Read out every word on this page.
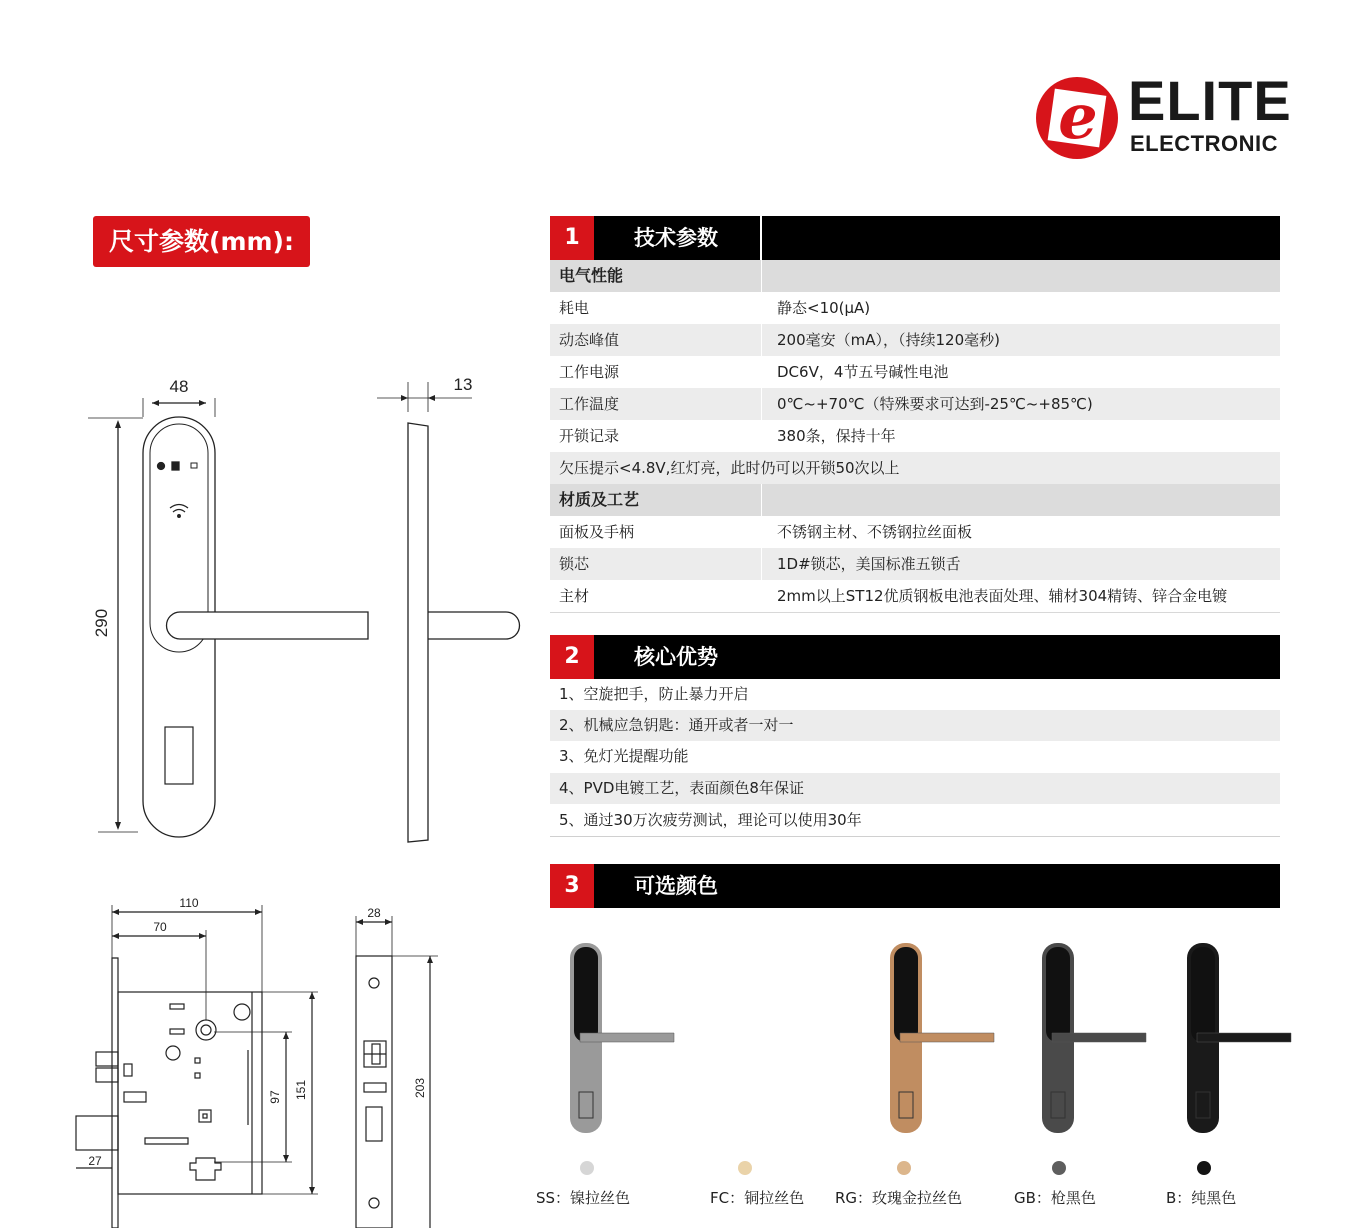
e ELITE
ELECTRONIC
尺寸参数(mm):
48
290
13
110
70
97 151
27
28
203
1	技术参数
电气性能
耗电	静态<10(μA)
动态峰值	200毫安（mA），（持续120毫秒)
工作电源	DC6V，4节五号碱性电池
工作温度	0℃~+70℃（特殊要求可达到-25℃~+85℃)
开锁记录	380条，保持十年
欠压提示<4.8V,红灯亮，此时仍可以开锁50次以上
材质及工艺
面板及手柄	不锈钢主材、不锈钢拉丝面板
锁芯	1D#锁芯，美国标准五锁舌
主材	2mm以上ST12优质钢板电池表面处理、辅材304精铸、锌合金电镀
2	核心优势
1、空旋把手，防止暴力开启
2、机械应急钥匙：通开或者一对一
3、免灯光提醒功能
4、PVD电镀工艺，表面颜色8年保证
5、通过30万次疲劳测试，理论可以使用30年
3	可选颜色
SS：镍拉丝色	FC：铜拉丝色 RG：玫瑰金拉丝色	GB：枪黑色	B：纯黑色
